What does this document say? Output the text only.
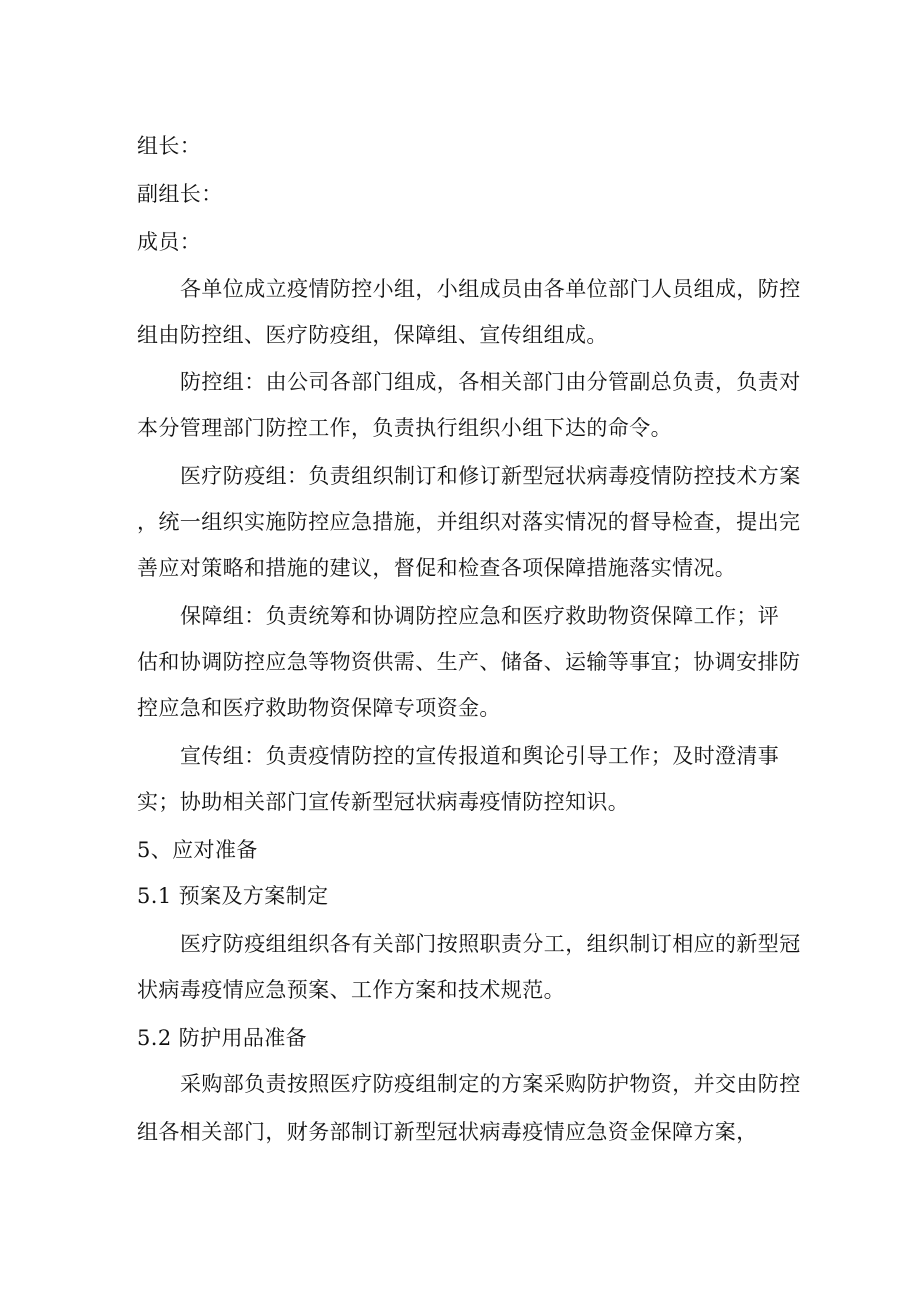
组长：
副组长：
成员：
各单位成立疫情防控小组，小组成员由各单位部门人员组成，防控
组由防控组、医疗防疫组，保障组、宣传组组成。
防控组：由公司各部门组成，各相关部门由分管副总负责，负责对
本分管理部门防控工作，负责执行组织小组下达的命令。
医疗防疫组：负责组织制订和修订新型冠状病毒疫情防控技术方案
，统一组织实施防控应急措施，并组织对落实情况的督导检查，提出完
善应对策略和措施的建议，督促和检查各项保障措施落实情况。
保障组：负责统筹和协调防控应急和医疗救助物资保障工作；评
估和协调防控应急等物资供需、生产、储备、运输等事宜；协调安排防
控应急和医疗救助物资保障专项资金。
宣传组：负责疫情防控的宣传报道和舆论引导工作；及时澄清事
实；协助相关部门宣传新型冠状病毒疫情防控知识。
5、应对准备
5.1 预案及方案制定
医疗防疫组组织各有关部门按照职责分工，组织制订相应的新型冠
状病毒疫情应急预案、工作方案和技术规范。
5.2 防护用品准备
采购部负责按照医疗防疫组制定的方案采购防护物资，并交由防控
组各相关部门，财务部制订新型冠状病毒疫情应急资金保障方案，
